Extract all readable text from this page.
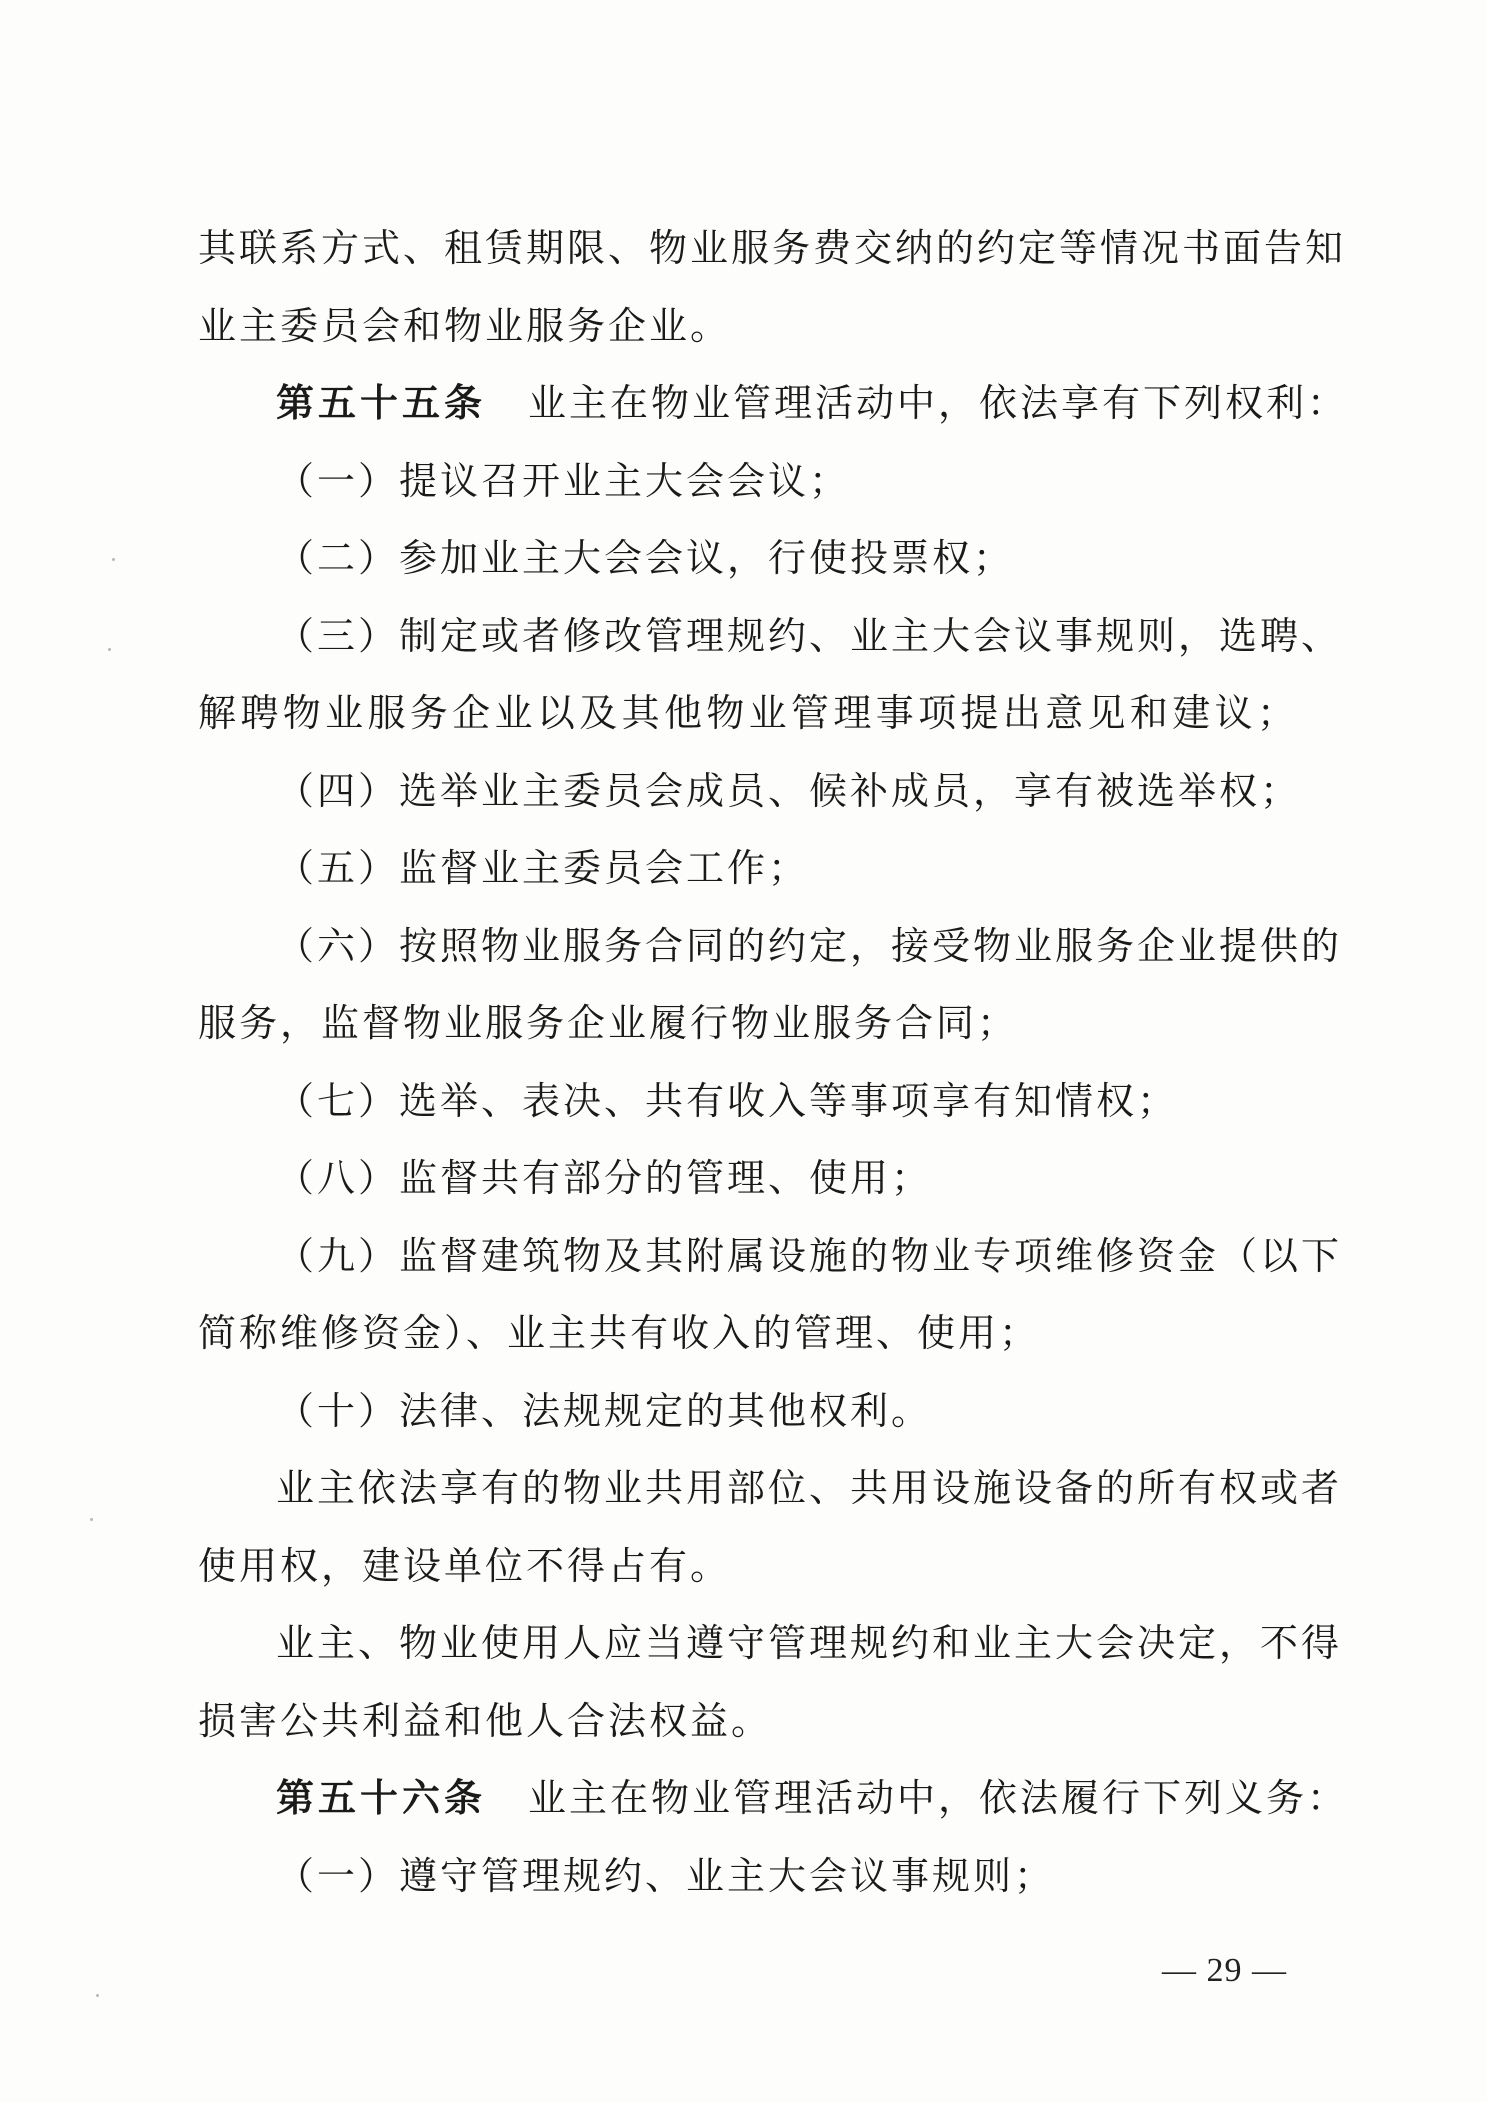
其联系方式、租赁期限、物业服务费交纳的约定等情况书面告知
业主委员会和物业服务企业。
第五十五条 业主在物业管理活动中，依法享有下列权利：
（一）提议召开业主大会会议；
（二）参加业主大会会议，行使投票权；
（三）制定或者修改管理规约、业主大会议事规则，选聘、
解聘物业服务企业以及其他物业管理事项提出意见和建议；
（四）选举业主委员会成员、候补成员，享有被选举权；
（五）监督业主委员会工作；
（六）按照物业服务合同的约定，接受物业服务企业提供的
服务，监督物业服务企业履行物业服务合同；
（七）选举、表决、共有收入等事项享有知情权；
（八）监督共有部分的管理、使用；
（九）监督建筑物及其附属设施的物业专项维修资金（以下
简称维修资金）、业主共有收入的管理、使用；
（十）法律、法规规定的其他权利。
业主依法享有的物业共用部位、共用设施设备的所有权或者
使用权，建设单位不得占有。
业主、物业使用人应当遵守管理规约和业主大会决定，不得
损害公共利益和他人合法权益。
第五十六条 业主在物业管理活动中，依法履行下列义务：
（一）遵守管理规约、业主大会议事规则；
— 29 —
